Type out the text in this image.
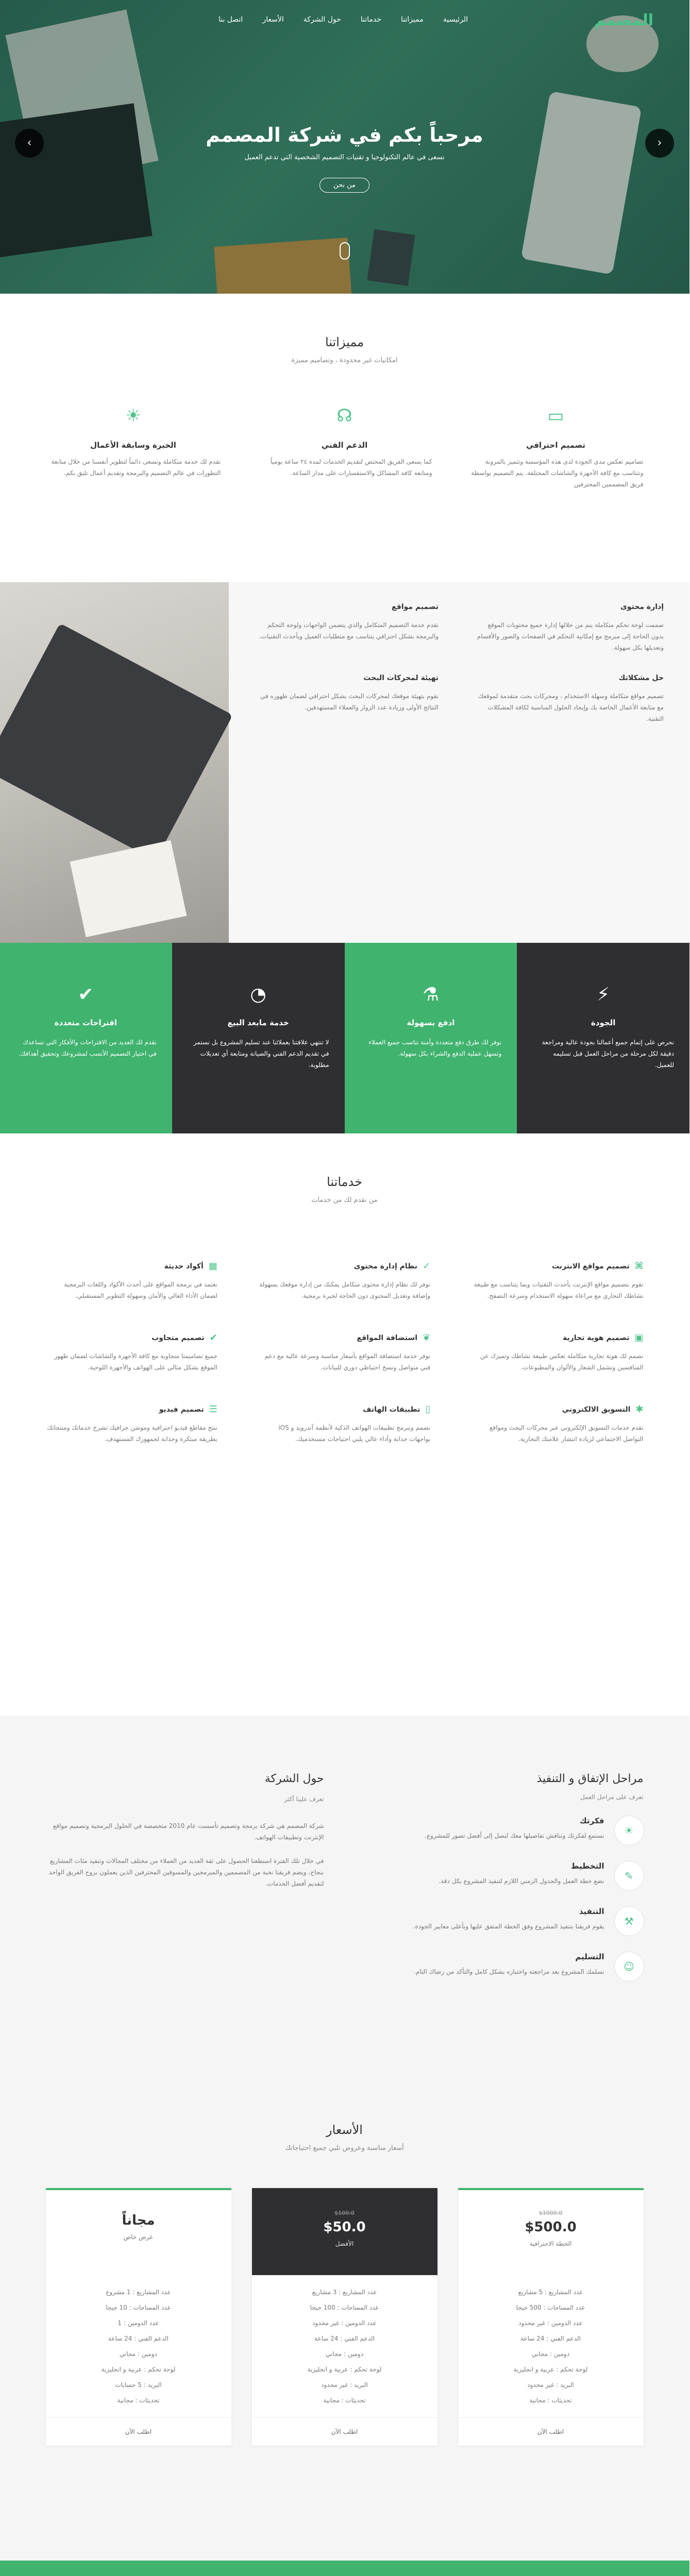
المصمم
الرئيسية
مميزاتنا
خدماتنا
حول الشركة
الأسعار
اتصل بنا
‹
›	مرحباً بكم في شركة المصمم

نسعى في عالم التكنولوجيا و تقنيات التصميم الشخصية التي تدعم العميل

من نحن
مميزاتنا

امكانيات غير محدودة ، وتصاميم مميزة

▭
تصميم احترافي

تصاميم تعكس مدى الجودة لدى هذه المؤسسة وتتميز بالمرونة وتتناسب مع كافة الأجهزة والشاشات المختلفة. يتم التصميم بواسطة فريق المصممين المحترفين

☊
الدعم الفني

كما يسعى الفريق المختص لتقديم الخدمات لمدة ٢٤ ساعة يومياً ومتابعة كافة المشاكل والاستفسارات على مدار الساعة.

☀
الخبرة وسابقة الأعمال

نقدم لك خدمة متكاملة ونسعى دائماً لتطوير أنفسنا من خلال متابعة التطورات في عالم التصميم والبرمجة وتقديم أعمال تليق بكم.

إدارة محتوى

صممت لوحة تحكم متكاملة يتم من خلالها إدارة جميع محتويات الموقع بدون الحاجة إلى مبرمج مع إمكانية التحكم في الصفحات والصور والأقسام وتعديلها بكل سهولة.

تصميم مواقع

نقدم خدمة التصميم المتكامل والذي يتضمن الواجهات ولوحة التحكم والبرمجة بشكل احترافي يتناسب مع متطلبات العميل وبأحدث التقنيات.

حل مشكلاتك

تصميم مواقع متكاملة وسهلة الاستخدام ، ومحركات بحث متقدمة لموقعك مع متابعة الأعمال الخاصة بك وإيجاد الحلول المناسبة لكافة المشكلات التقنية.

تهيئة لمحركات البحث

نقوم بتهيئة موقعك لمحركات البحث بشكل احترافي لضمان ظهوره في النتائج الأولى وزيادة عدد الزوار والعملاء المستهدفين.

⚡
الجودة

نحرص على إتمام جميع أعمالنا بجودة عالية ومراجعة دقيقة لكل مرحلة من مراحل العمل قبل تسليمه للعميل.

⚗
ادفع بسهولة

نوفر لك طرق دفع متعددة وآمنة تناسب جميع العملاء وتسهل عملية الدفع والشراء بكل سهولة.

◔
خدمة مابعد البيع

لا تنتهي علاقتنا بعملائنا عند تسليم المشروع بل نستمر في تقديم الدعم الفني والصيانة ومتابعة أي تعديلات مطلوبة.

✔
اقتراحات متعددة

نقدم لك العديد من الاقتراحات والأفكار التي تساعدك في اختيار التصميم الأنسب لمشروعك وتحقيق أهدافك.

خدماتنا

من نقدم لك من خدمات

⌘
تصميم مواقع الانترنت

نقوم بتصميم مواقع الإنترنت بأحدث التقنيات وبما يتناسب مع طبيعة نشاطك التجاري مع مراعاة سهولة الاستخدام وسرعة التصفح.

✓
نظام إدارة محتوى

نوفر لك نظام إدارة محتوى متكامل يمكنك من إدارة موقعك بسهولة وإضافة وتعديل المحتوى دون الحاجة لخبرة برمجية.

▦
أكواد حديثة

نعتمد في برمجة المواقع على أحدث الأكواد واللغات البرمجية لضمان الأداء العالي والأمان وسهولة التطوير المستقبلي.

▣
تصميم هوية تجارية

نصمم لك هوية تجارية متكاملة تعكس طبيعة نشاطك وتميزك عن المنافسين وتشمل الشعار والألوان والمطبوعات.

❦
استضافة المواقع

نوفر خدمة استضافة المواقع بأسعار مناسبة وسرعة عالية مع دعم فني متواصل ونسخ احتياطي دوري للبيانات.

✔
تصميم متجاوب

جميع تصاميمنا متجاوبة مع كافة الأجهزة والشاشات لضمان ظهور الموقع بشكل مثالي على الهواتف والأجهزة اللوحية.

✱
التسويق الالكتروني

نقدم خدمات التسويق الإلكتروني عبر محركات البحث ومواقع التواصل الاجتماعي لزيادة انتشار علامتك التجارية.

▯
تطبيقات الهاتف

نصمم ونبرمج تطبيقات الهواتف الذكية لأنظمة آندرويد و iOS بواجهات جذابة وأداء عالي يلبي احتياجات مستخدميك.

☰
تصميم فيديو

ننتج مقاطع فيديو احترافية وموشن جرافيك تشرح خدماتك ومنتجاتك بطريقة مبتكرة وجذابة لجمهورك المستهدف.

مراحل الإتفاق و التنفيذ

تعرف على مراحل العمل

☀
فكرتك

نستمع لفكرتك ونناقش تفاصيلها معك لنصل إلى أفضل تصور للمشروع.

✎
التخطيط

نضع خطة العمل والجدول الزمني اللازم لتنفيذ المشروع بكل دقة.

⚒
التنفيذ

يقوم فريقنا بتنفيذ المشروع وفق الخطة المتفق عليها وبأعلى معايير الجودة.

☺
التسليم

نسلمك المشروع بعد مراجعته واختباره بشكل كامل والتأكد من رضاك التام.

حول الشركة

تعرف علينا أكثر

شركة المصمم هي شركة برمجة وتصميم تأسست عام 2010 متخصصة في الحلول البرمجية وتصميم مواقع الإنترنت وتطبيقات الهواتف.

في خلال تلك الفترة استطعنا الحصول على ثقة العديد من العملاء من مختلف المجالات وتنفيذ مئات المشاريع بنجاح، ويضم فريقنا نخبة من المصممين والمبرمجين والمسوقين المحترفين الذين يعملون بروح الفريق الواحد لتقديم أفضل الخدمات.

الأسعار

أسعار مناسبة وعروض تلبي جميع احتياجاتك

$1000.0
$500.0
الخطة الاحترافية
عدد المشاريع : 5 مشاريع
عدد المساحات : 500 جيجا
عدد الدومين : غير محدود
الدعم الفني : 24 ساعة
دومين : مجاني
لوحة تحكم : عربية و انجليزية
البريد : غير محدود
تحديثات : مجانية
اطلب الآن
$100.0
$50.0
الأفضل
عدد المشاريع : 3 مشاريع
عدد المساحات : 100 جيجا
عدد الدومين : غير محدود
الدعم الفني : 24 ساعة
دومين : مجاني
لوحة تحكم : عربية و انجليزية
البريد : غير محدود
تحديثات : مجانية
اطلب الآن
مجاناً
عرض خاص
عدد المشاريع : 1 مشروع
عدد المساحات : 10 جيجا
عدد الدومين : 1
الدعم الفني : 24 ساعة
دومين : مجاني
لوحة تحكم : عربية و انجليزية
البريد : 5 حسابات
تحديثات : مجانية
اطلب الآن
